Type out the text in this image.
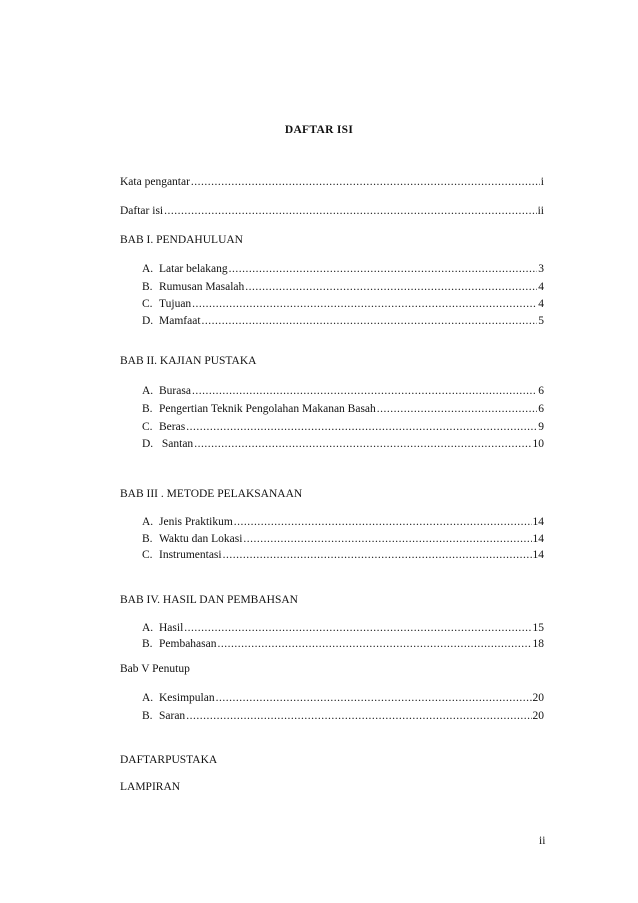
DAFTAR ISI
Kata pengantar .....	i
Daftar isi .....	ii
BAB I. PENDAHULUAN
A. Latar belakang .....	3
B. Rumusan Masalah .....	4
C. Tujuan .....	4
D. Mamfaat .....	5
BAB II. KAJIAN PUSTAKA
A. Burasa .....	6
B. Pengertian Teknik Pengolahan Makanan Basah .....	6
C. Beras .....	9
D. Santan .....	10
BAB III . METODE PELAKSANAAN
A. Jenis Praktikum .....	14
B. Waktu dan Lokasi .....	14
C. Instrumentasi .....	14
BAB IV. HASIL DAN PEMBAHSAN
A. Hasil .....	15
B. Pembahasan .....	18
Bab V Penutup
A. Kesimpulan .....	20
B. Saran .....	20
DAFTARPUSTAKA
LAMPIRAN
ii
